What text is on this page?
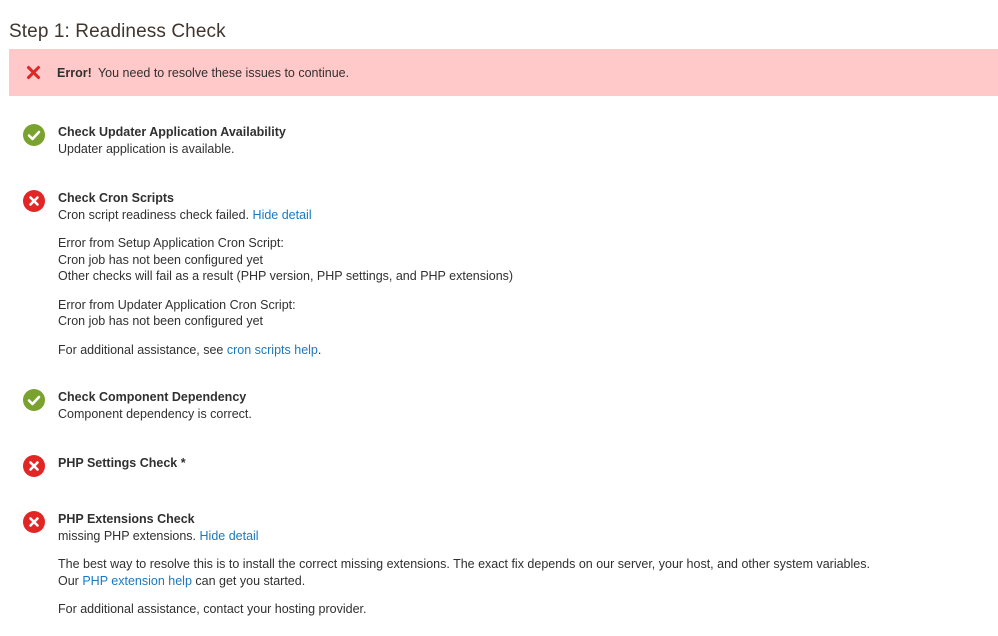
Step 1: Readiness Check
Error! You need to resolve these issues to continue.
Check Updater Application Availability
Updater application is available.
Check Cron Scripts
Cron script readiness check failed. Hide detail
Error from Setup Application Cron Script:
Cron job has not been configured yet
Other checks will fail as a result (PHP version, PHP settings, and PHP extensions)
Error from Updater Application Cron Script:
Cron job has not been configured yet
For additional assistance, see cron scripts help.
Check Component Dependency
Component dependency is correct.
PHP Settings Check *
PHP Extensions Check
missing PHP extensions. Hide detail
The best way to resolve this is to install the correct missing extensions. The exact fix depends on our server, your host, and other system variables.
Our PHP extension help can get you started.
For additional assistance, contact your hosting provider.
